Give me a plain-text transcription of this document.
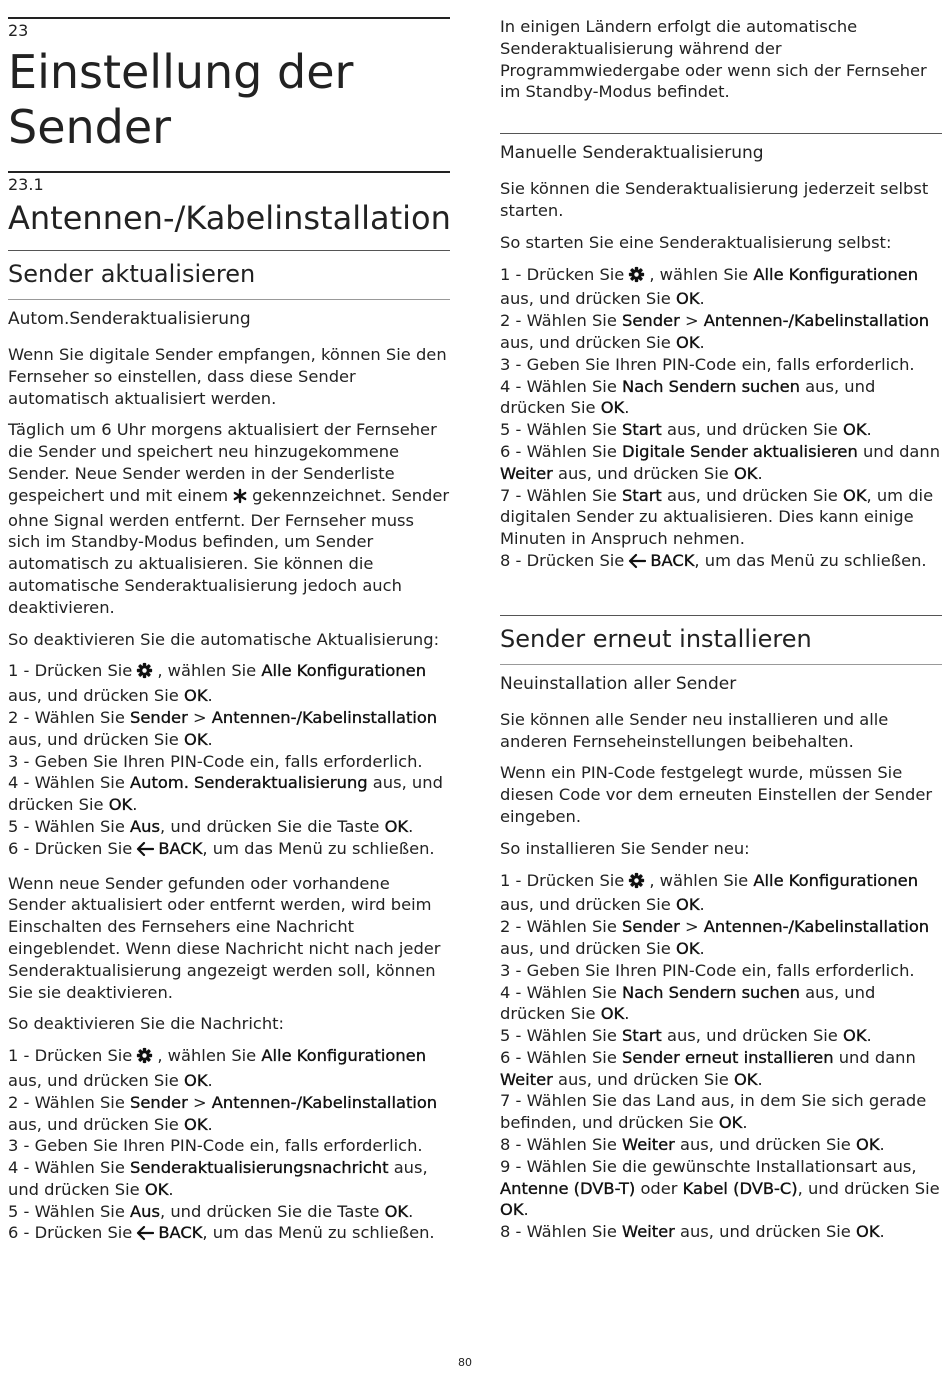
23
Einstellung der
Sender
23.1
Antennen-/Kabelinstallation
Sender aktualisieren
Autom.Senderaktualisierung

Wenn Sie digitale Sender empfangen, können Sie den Fernseher so einstellen, dass diese Sender automatisch aktualisiert werden.

Täglich um 6 Uhr morgens aktualisiert der Fernseher die Sender und speichert neu hinzugekommene Sender. Neue Sender werden in der Senderliste gespeichert und mit einem gekennzeichnet. Sender ohne Signal werden entfernt. Der Fernseher muss sich im Standby-Modus befinden, um Sender automatisch zu aktualisieren. Sie können die automatische Senderaktualisierung jedoch auch deaktivieren.

So deaktivieren Sie die automatische Aktualisierung:

1 - Drücken Sie , wählen Sie Alle Konfigurationen aus, und drücken Sie OK.
2 - Wählen Sie Sender > Antennen-/Kabelinstallation aus, und drücken Sie OK.
3 - Geben Sie Ihren PIN-Code ein, falls erforderlich.
4 - Wählen Sie Autom. Senderaktualisierung aus, und drücken Sie OK.
5 - Wählen Sie Aus, und drücken Sie die Taste OK.
6 - Drücken Sie BACK, um das Menü zu schließen.

Wenn neue Sender gefunden oder vorhandene Sender aktualisiert oder entfernt werden, wird beim Einschalten des Fernsehers eine Nachricht eingeblendet. Wenn diese Nachricht nicht nach jeder Senderaktualisierung angezeigt werden soll, können Sie sie deaktivieren.

So deaktivieren Sie die Nachricht:

1 - Drücken Sie , wählen Sie Alle Konfigurationen aus, und drücken Sie OK.
2 - Wählen Sie Sender > Antennen-/Kabelinstallation aus, und drücken Sie OK.
3 - Geben Sie Ihren PIN-Code ein, falls erforderlich.
4 - Wählen Sie Senderaktualisierungsnachricht aus, und drücken Sie OK.
5 - Wählen Sie Aus, und drücken Sie die Taste OK.
6 - Drücken Sie BACK, um das Menü zu schließen.

In einigen Ländern erfolgt die automatische Senderaktualisierung während der Programmwiedergabe oder wenn sich der Fernseher im Standby-Modus befindet.

Manuelle Senderaktualisierung

Sie können die Senderaktualisierung jederzeit selbst starten.

So starten Sie eine Senderaktualisierung selbst:

1 - Drücken Sie , wählen Sie Alle Konfigurationen aus, und drücken Sie OK.
2 - Wählen Sie Sender > Antennen-/Kabelinstallation aus, und drücken Sie OK.
3 - Geben Sie Ihren PIN-Code ein, falls erforderlich.
4 - Wählen Sie Nach Sendern suchen aus, und drücken Sie OK.
5 - Wählen Sie Start aus, und drücken Sie OK.
6 - Wählen Sie Digitale Sender aktualisieren und dann Weiter aus, und drücken Sie OK.
7 - Wählen Sie Start aus, und drücken Sie OK, um die digitalen Sender zu aktualisieren. Dies kann einige Minuten in Anspruch nehmen.
8 - Drücken Sie BACK, um das Menü zu schließen.
Sender erneut installieren
Neuinstallation aller Sender

Sie können alle Sender neu installieren und alle anderen Fernseheinstellungen beibehalten.

Wenn ein PIN-Code festgelegt wurde, müssen Sie diesen Code vor dem erneuten Einstellen der Sender eingeben.

So installieren Sie Sender neu:

1 - Drücken Sie , wählen Sie Alle Konfigurationen aus, und drücken Sie OK.
2 - Wählen Sie Sender > Antennen-/Kabelinstallation aus, und drücken Sie OK.
3 - Geben Sie Ihren PIN-Code ein, falls erforderlich.
4 - Wählen Sie Nach Sendern suchen aus, und drücken Sie OK.
5 - Wählen Sie Start aus, und drücken Sie OK.
6 - Wählen Sie Sender erneut installieren und dann Weiter aus, und drücken Sie OK.
7 - Wählen Sie das Land aus, in dem Sie sich gerade befinden, und drücken Sie OK.
8 - Wählen Sie Weiter aus, und drücken Sie OK.
9 - Wählen Sie die gewünschte Installationsart aus, Antenne (DVB-T) oder Kabel (DVB-C), und drücken Sie OK.
8 - Wählen Sie Weiter aus, und drücken Sie OK.
80
